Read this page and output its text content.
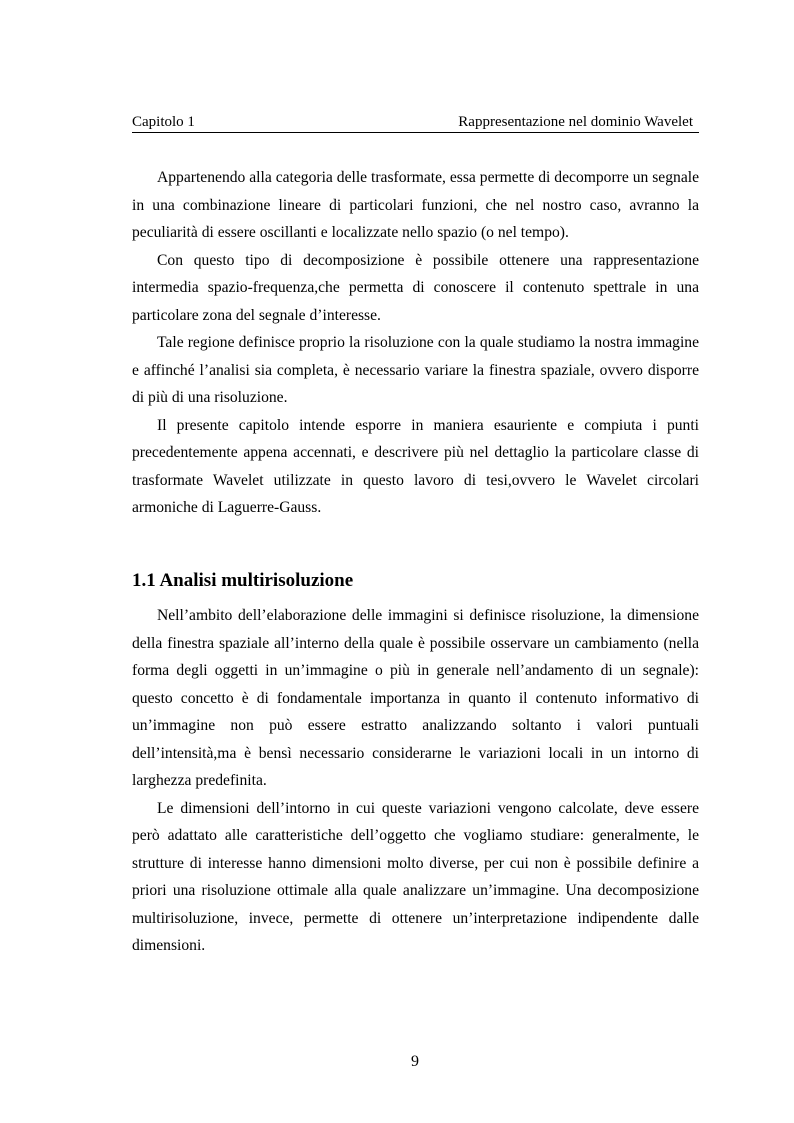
Capitolo 1	Rappresentazione nel dominio Wavelet

Appartenendo alla categoria delle trasformate, essa permette di decomporre un segnale in una combinazione lineare di particolari funzioni, che nel nostro caso, avranno la peculiarità di essere oscillanti e localizzate nello spazio (o nel tempo).

Con questo tipo di decomposizione è possibile ottenere una rappresentazione intermedia spazio-frequenza,che permetta di conoscere il contenuto spettrale in una particolare zona del segnale d’interesse.

Tale regione definisce proprio la risoluzione con la quale studiamo la nostra immagine e affinché l’analisi sia completa, è necessario variare la finestra spaziale, ovvero disporre di più di una risoluzione.

Il presente capitolo intende esporre in maniera esauriente e compiuta i punti precedentemente appena accennati, e descrivere più nel dettaglio la particolare classe di trasformate Wavelet utilizzate in questo lavoro di tesi,ovvero le Wavelet circolari armoniche di Laguerre-Gauss.

1.1 Analisi multirisoluzione

Nell’ambito dell’elaborazione delle immagini si definisce risoluzione, la dimensione della finestra spaziale all’interno della quale è possibile osservare un cambiamento (nella forma degli oggetti in un’immagine o più in generale nell’andamento di un segnale): questo concetto è di fondamentale importanza in quanto il contenuto informativo di un’immagine non può essere estratto analizzando soltanto i valori puntuali dell’intensità,ma è bensì necessario considerarne le variazioni locali in un intorno di larghezza predefinita.

Le dimensioni dell’intorno in cui queste variazioni vengono calcolate, deve essere però adattato alle caratteristiche dell’oggetto che vogliamo studiare: generalmente, le strutture di interesse hanno dimensioni molto diverse, per cui non è possibile definire a priori una risoluzione ottimale alla quale analizzare un’immagine. Una decomposizione multirisoluzione, invece, permette di ottenere un’interpretazione indipendente dalle dimensioni.

9
